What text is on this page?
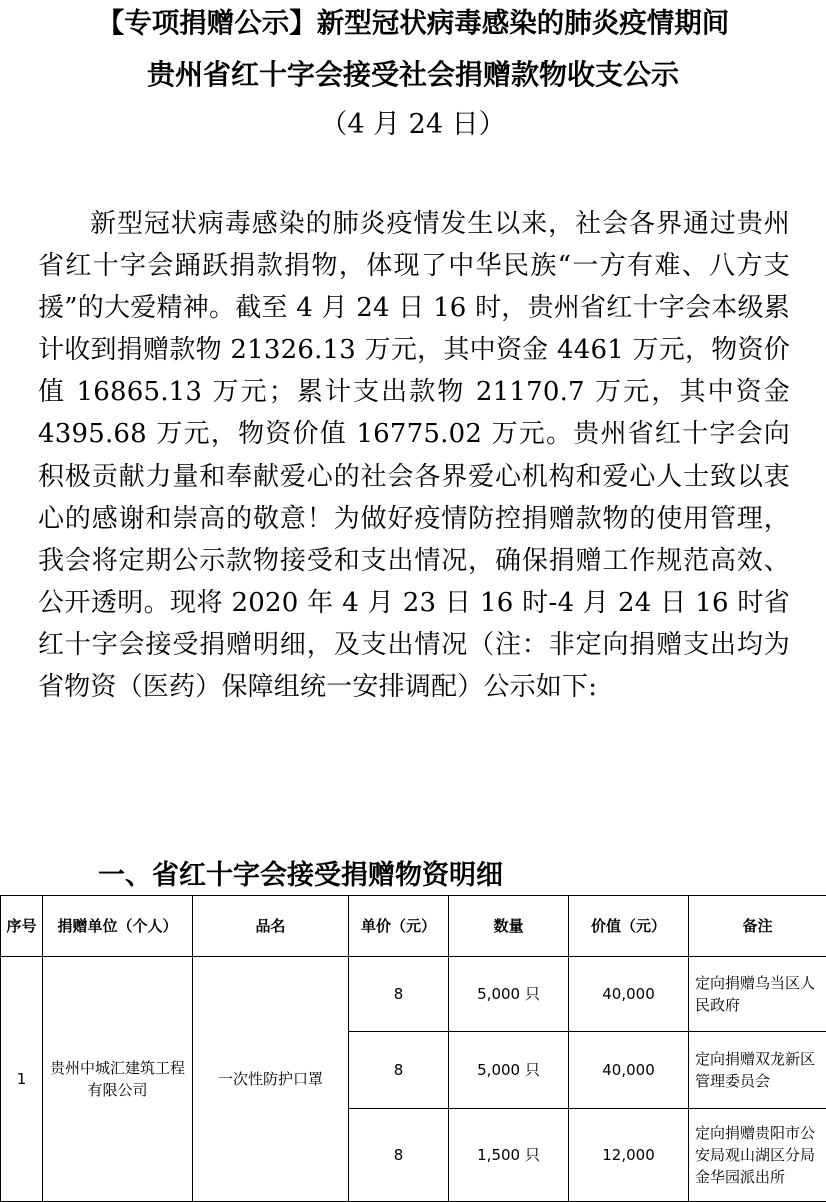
【专项捐赠公示】新型冠状病毒感染的肺炎疫情期间
贵州省红十字会接受社会捐赠款物收支公示
（4 月 24 日）

新型冠状病毒感染的肺炎疫情发生以来，社会各界通过贵州省红十字会踊跃捐款捐物，体现了中华民族“一方有难、八方支援”的大爱精神。截至 4 月 24 日 16 时，贵州省红十字会本级累计收到捐赠款物 21326.13 万元，其中资金 4461 万元，物资价值 16865.13 万元；累计支出款物 21170.7 万元，其中资金 4395.68 万元，物资价值 16775.02 万元。贵州省红十字会向积极贡献力量和奉献爱心的社会各界爱心机构和爱心人士致以衷心的感谢和崇高的敬意！为做好疫情防控捐赠款物的使用管理，我会将定期公示款物接受和支出情况，确保捐赠工作规范高效、公开透明。现将 2020 年 4 月 23 日 16 时-4 月 24 日 16 时省红十字会接受捐赠明细，及支出情况（注：非定向捐赠支出均为省物资（医药）保障组统一安排调配）公示如下:

一、省红十字会接受捐赠物资明细
序号	捐赠单位（个人）	品名	单价（元）	数量	价值（元）	备注
1	贵州中城汇建筑工程有限公司	一次性防护口罩	8	5,000 只	40,000	定向捐赠乌当区人民政府
			8	5,000 只	40,000	定向捐赠双龙新区管理委员会
			8	1,500 只	12,000	定向捐赠贵阳市公安局观山湖区分局金华园派出所
